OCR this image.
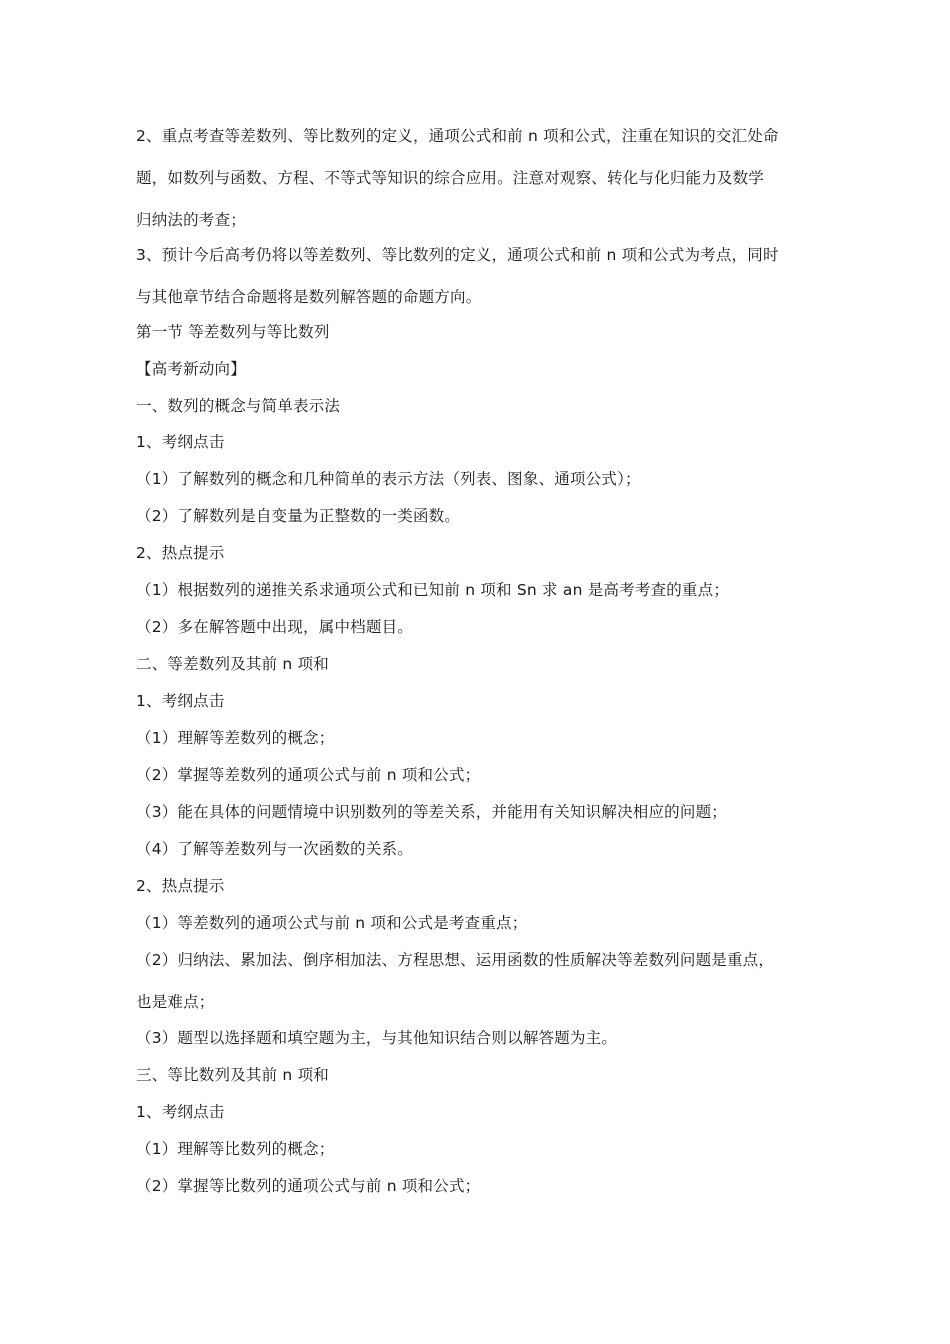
2、重点考查等差数列、等比数列的定义，通项公式和前 n 项和公式，注重在知识的交汇处命
题，如数列与函数、方程、不等式等知识的综合应用。注意对观察、转化与化归能力及数学
归纳法的考查；
3、预计今后高考仍将以等差数列、等比数列的定义，通项公式和前 n 项和公式为考点，同时
与其他章节结合命题将是数列解答题的命题方向。
第一节 等差数列与等比数列
【高考新动向】
一、数列的概念与简单表示法
1、考纲点击
（1）了解数列的概念和几种简单的表示方法（列表、图象、通项公式）；
（2）了解数列是自变量为正整数的一类函数。
2、热点提示
（1）根据数列的递推关系求通项公式和已知前 n 项和 Sn 求 an 是高考考查的重点；
（2）多在解答题中出现，属中档题目。
二、等差数列及其前 n 项和
1、考纲点击
（1）理解等差数列的概念；
（2）掌握等差数列的通项公式与前 n 项和公式；
（3）能在具体的问题情境中识别数列的等差关系，并能用有关知识解决相应的问题；
（4）了解等差数列与一次函数的关系。
2、热点提示
（1）等差数列的通项公式与前 n 项和公式是考查重点；
（2）归纳法、累加法、倒序相加法、方程思想、运用函数的性质解决等差数列问题是重点，
也是难点；
（3）题型以选择题和填空题为主，与其他知识结合则以解答题为主。
三、等比数列及其前 n 项和
1、考纲点击
（1）理解等比数列的概念；
（2）掌握等比数列的通项公式与前 n 项和公式；
